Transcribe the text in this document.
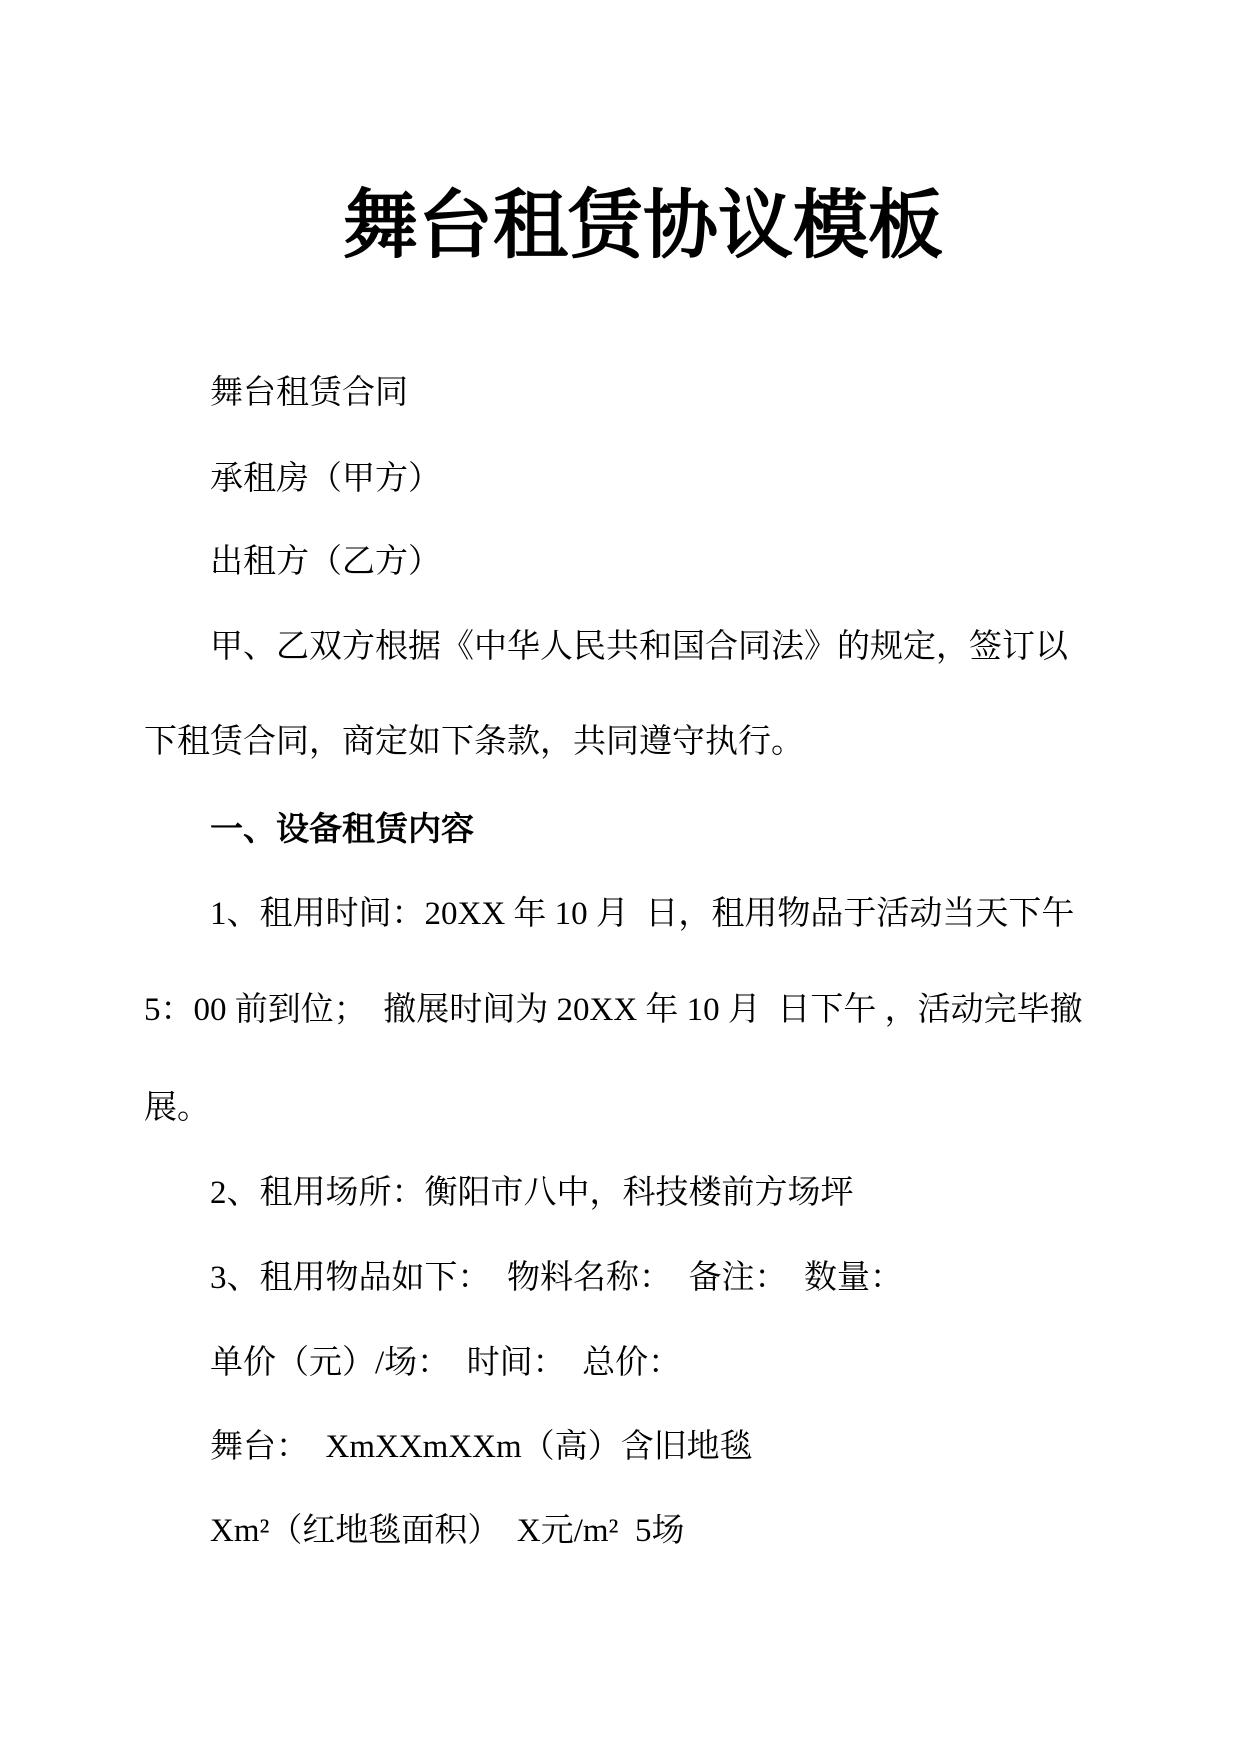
舞台租赁协议模板
舞台租赁合同
承租房（甲方）
出租方（乙方）
甲、乙双方根据《中华人民共和国合同法》的规定，签订以
下租赁合同，商定如下条款，共同遵守执行。
一、设备租赁内容
1、租用时间：20XX 年 10 月  日，租用物品于活动当天下午
5：00 前到位；  撤展时间为 20XX 年 10 月  日下午 ，活动完毕撤
展。
2、租用场所：衡阳市八中，科技楼前方场坪
3、租用物品如下：  物料名称：  备注：  数量：
单价（元）/场：  时间：  总价：
舞台：  XmXXmXXm（高）含旧地毯
Xm²（红地毯面积）  X元/m²  5场
